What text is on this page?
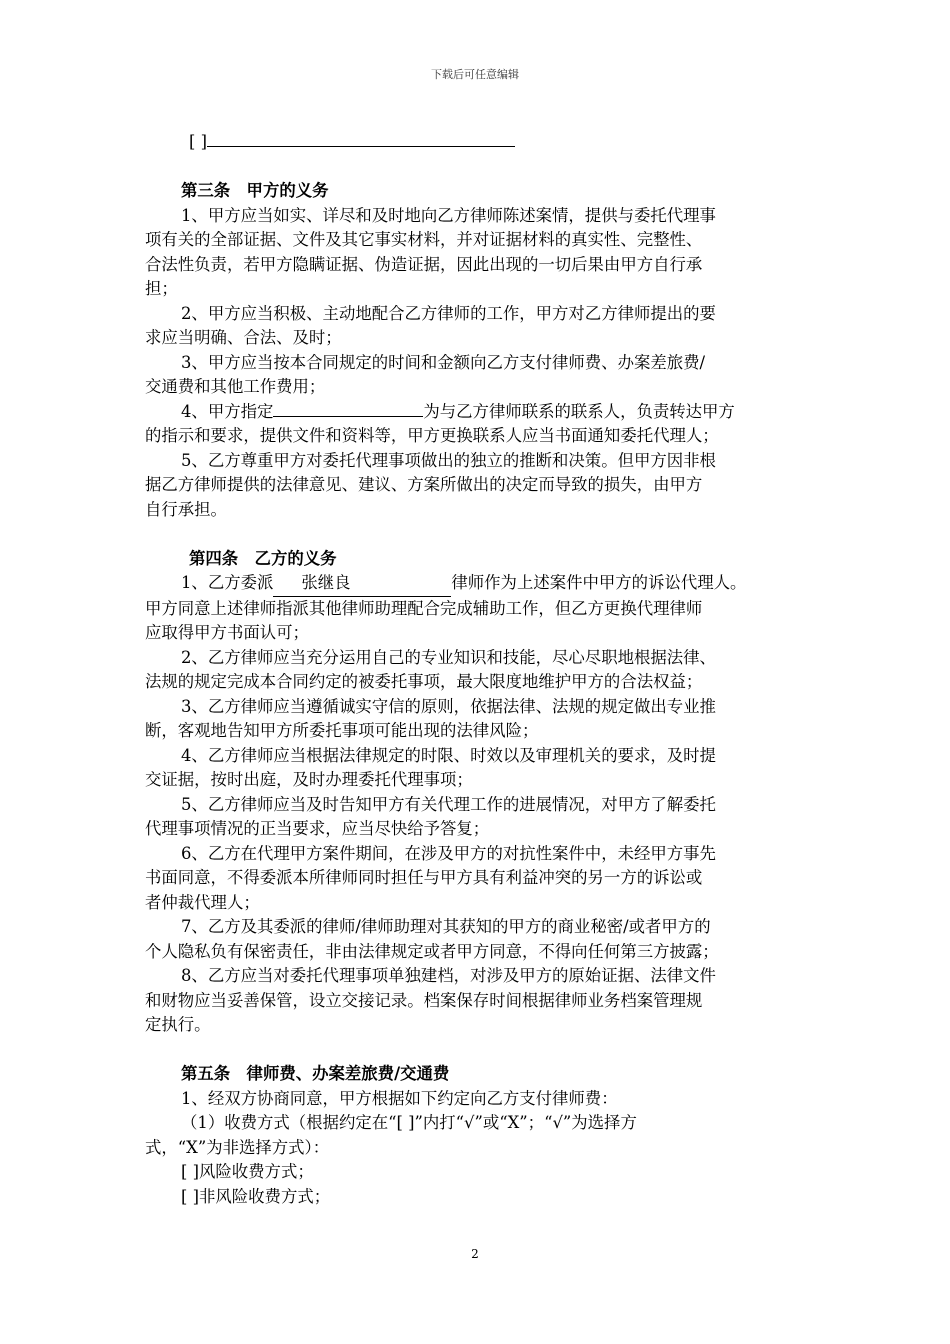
下载后可任意编辑
[ ]
第三条　甲方的义务
1、甲方应当如实、详尽和及时地向乙方律师陈述案情，提供与委托代理事
项有关的全部证据、文件及其它事实材料，并对证据材料的真实性、完整性、
合法性负责，若甲方隐瞒证据、伪造证据，因此出现的一切后果由甲方自行承
担；
2、甲方应当积极、主动地配合乙方律师的工作，甲方对乙方律师提出的要
求应当明确、合法、及时；
3、甲方应当按本合同规定的时间和金额向乙方支付律师费、办案差旅费/
交通费和其他工作费用；
4、甲方指定	为与乙方律师联系的联系人，负责转达甲方
的指示和要求，提供文件和资料等，甲方更换联系人应当书面通知委托代理人；
5、乙方尊重甲方对委托代理事项做出的独立的推断和决策。但甲方因非根
据乙方律师提供的法律意见、建议、方案所做出的决定而导致的损失，由甲方
自行承担。
第四条　乙方的义务
1、乙方委派 张继良	律师作为上述案件中甲方的诉讼代理人。
甲方同意上述律师指派其他律师助理配合完成辅助工作，但乙方更换代理律师
应取得甲方书面认可；
2、乙方律师应当充分运用自己的专业知识和技能，尽心尽职地根据法律、
法规的规定完成本合同约定的被委托事项，最大限度地维护甲方的合法权益；
3、乙方律师应当遵循诚实守信的原则，依据法律、法规的规定做出专业推
断，客观地告知甲方所委托事项可能出现的法律风险；
4、乙方律师应当根据法律规定的时限、时效以及审理机关的要求，及时提
交证据，按时出庭，及时办理委托代理事项；
5、乙方律师应当及时告知甲方有关代理工作的进展情况，对甲方了解委托
代理事项情况的正当要求，应当尽快给予答复；
6、乙方在代理甲方案件期间，在涉及甲方的对抗性案件中，未经甲方事先
书面同意，不得委派本所律师同时担任与甲方具有利益冲突的另一方的诉讼或
者仲裁代理人；
7、乙方及其委派的律师/律师助理对其获知的甲方的商业秘密/或者甲方的
个人隐私负有保密责任，非由法律规定或者甲方同意，不得向任何第三方披露；
8、乙方应当对委托代理事项单独建档，对涉及甲方的原始证据、法律文件
和财物应当妥善保管，设立交接记录。档案保存时间根据律师业务档案管理规
定执行。
第五条　律师费、办案差旅费/交通费
1、经双方协商同意，甲方根据如下约定向乙方支付律师费：
（1）收费方式（根据约定在“[ ]”内打“√”或“X”；“√”为选择方
式，“X”为非选择方式）：
[ ]风险收费方式；
[ ]非风险收费方式；
2
